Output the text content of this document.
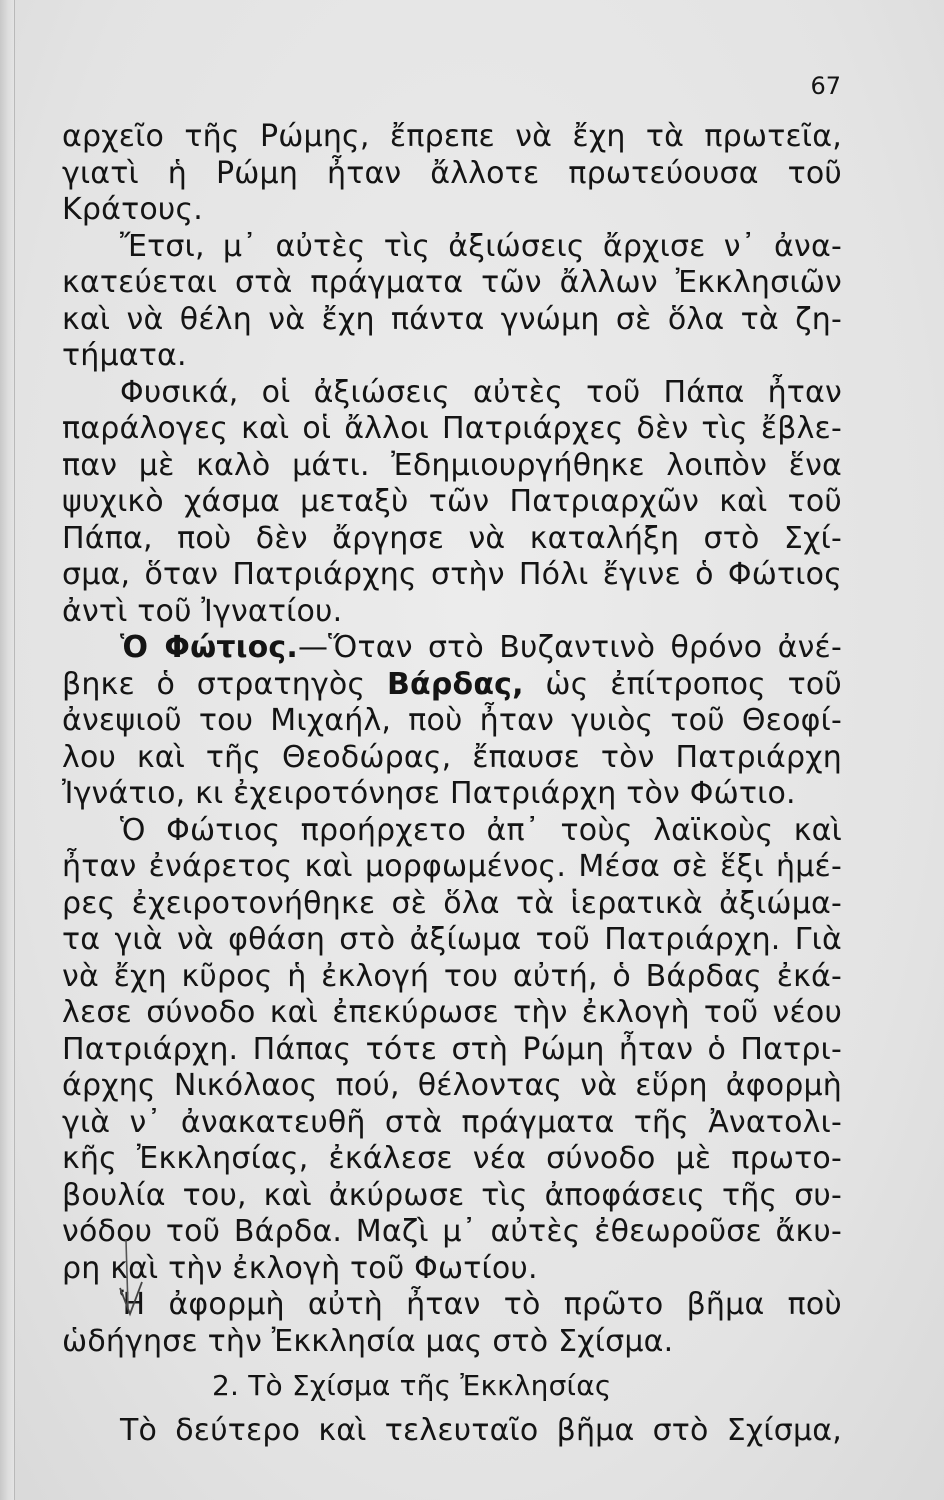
67
αρχεῖο τῆς Ρώμης, ἔπρεπε νὰ ἔχη τὰ πρωτεῖα,
γιατὶ ἡ Ρώμη ἦταν ἄλλοτε πρωτεύουσα τοῦ
Κράτους.
Ἔτσι, μ᾽ αὐτὲς τὶς ἀξιώσεις ἄρχισε ν᾽ ἀνα-
κατεύεται στὰ πράγματα τῶν ἄλλων Ἐκκλησιῶν
καὶ νὰ θέλη νὰ ἔχη πάντα γνώμη σὲ ὅλα τὰ ζη-
τήματα.
Φυσικά, οἱ ἀξιώσεις αὐτὲς τοῦ Πάπα ἦταν
παράλογες καὶ οἱ ἄλλοι Πατριάρχες δὲν τὶς ἔβλε-
παν μὲ καλὸ μάτι. Ἐδημιουργήθηκε λοιπὸν ἕνα
ψυχικὸ χάσμα μεταξὺ τῶν Πατριαρχῶν καὶ τοῦ
Πάπα, ποὺ δὲν ἄργησε νὰ καταλήξη στὸ Σχί-
σμα, ὅταν Πατριάρχης στὴν Πόλι ἔγινε ὁ Φώτιος
ἀντὶ τοῦ Ἰγνατίου.
Ὁ Φώτιος.—Ὅταν στὸ Βυζαντινὸ θρόνο ἀνέ-
βηκε ὁ στρατηγὸς Βάρδας, ὡς ἐπίτροπος τοῦ
ἀνεψιοῦ του Μιχαήλ, ποὺ ἦταν γυιὸς τοῦ Θεοφί-
λου καὶ τῆς Θεοδώρας, ἔπαυσε τὸν Πατριάρχη
Ἰγνάτιο, κι ἐχειροτόνησε Πατριάρχη τὸν Φώτιο.
Ὁ Φώτιος προήρχετο ἀπ᾽ τοὺς λαϊκοὺς καὶ
ἦταν ἐνάρετος καὶ μορφωμένος. Μέσα σὲ ἕξι ἡμέ-
ρες ἐχειροτονήθηκε σὲ ὅλα τὰ ἱερατικὰ ἀξιώμα-
τα γιὰ νὰ φθάση στὸ ἀξίωμα τοῦ Πατριάρχη. Γιὰ
νὰ ἔχη κῦρος ἡ ἐκλογή του αὐτή, ὁ Βάρδας ἐκά-
λεσε σύνοδο καὶ ἐπεκύρωσε τὴν ἐκλογὴ τοῦ νέου
Πατριάρχη. Πάπας τότε στὴ Ρώμη ἦταν ὁ Πατρι-
άρχης Νικόλαος πού, θέλοντας νὰ εὕρη ἀφορμὴ
γιὰ ν᾽ ἀνακατευθῆ στὰ πράγματα τῆς Ἀνατολι-
κῆς Ἐκκλησίας, ἐκάλεσε νέα σύνοδο μὲ πρωτο-
βουλία του, καὶ ἀκύρωσε τὶς ἀποφάσεις τῆς συ-
νόδου τοῦ Βάρδα. Μαζὶ μ᾽ αὐτὲς ἐθεωροῦσε ἄκυ-
ρη καὶ τὴν ἐκλογὴ τοῦ Φωτίου.
Ἡ ἀφορμὴ αὐτὴ ἦταν τὸ πρῶτο βῆμα ποὺ
ὡδήγησε τὴν Ἐκκλησία μας στὸ Σχίσμα.
2. Τὸ Σχίσμα τῆς Ἐκκλησίας
Τὸ δεύτερο καὶ τελευταῖο βῆμα στὸ Σχίσμα,
